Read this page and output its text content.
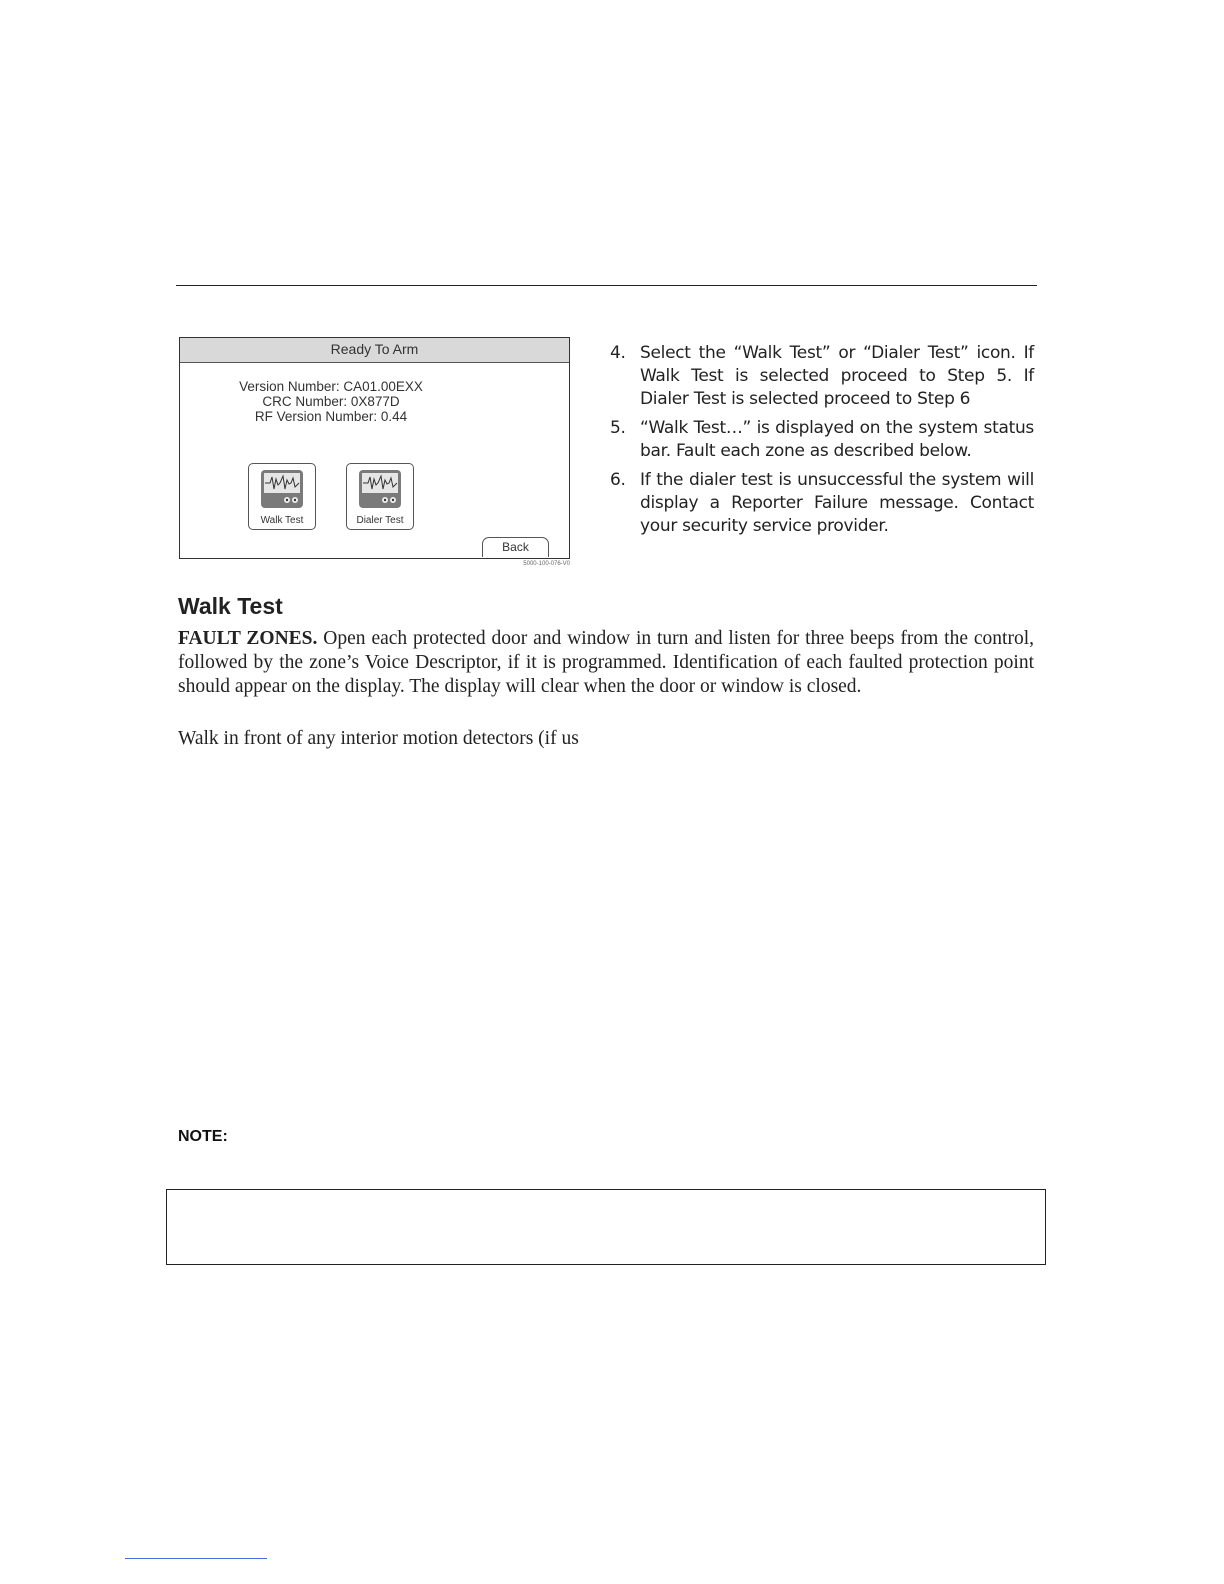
Ready To Arm
Version Number: CA01.00EXX
CRC Number: 0X877D
RF Version Number: 0.44
Walk Test	Dialer Test
Back
5000-100-076-V0
4. Select the “Walk Test” or “Dialer Test” icon. If Walk Test is selected proceed to Step 5. If Dialer Test is selected proceed to Step 6
5. “Walk Test…” is displayed on the system status bar. Fault each zone as described below.
6. If the dialer test is unsuccessful the system will display a Reporter Failure message. Contact your security service provider.
Walk Test

FAULT ZONES. Open each protected door and window in turn and listen for three beeps from the control, followed by the zone’s Voice Descriptor, if it is programmed. Identification of each faulted protection point should appear on the display. The display will clear when the door or window is closed.

Walk in front of any interior motion detectors (if us

NOTE:
